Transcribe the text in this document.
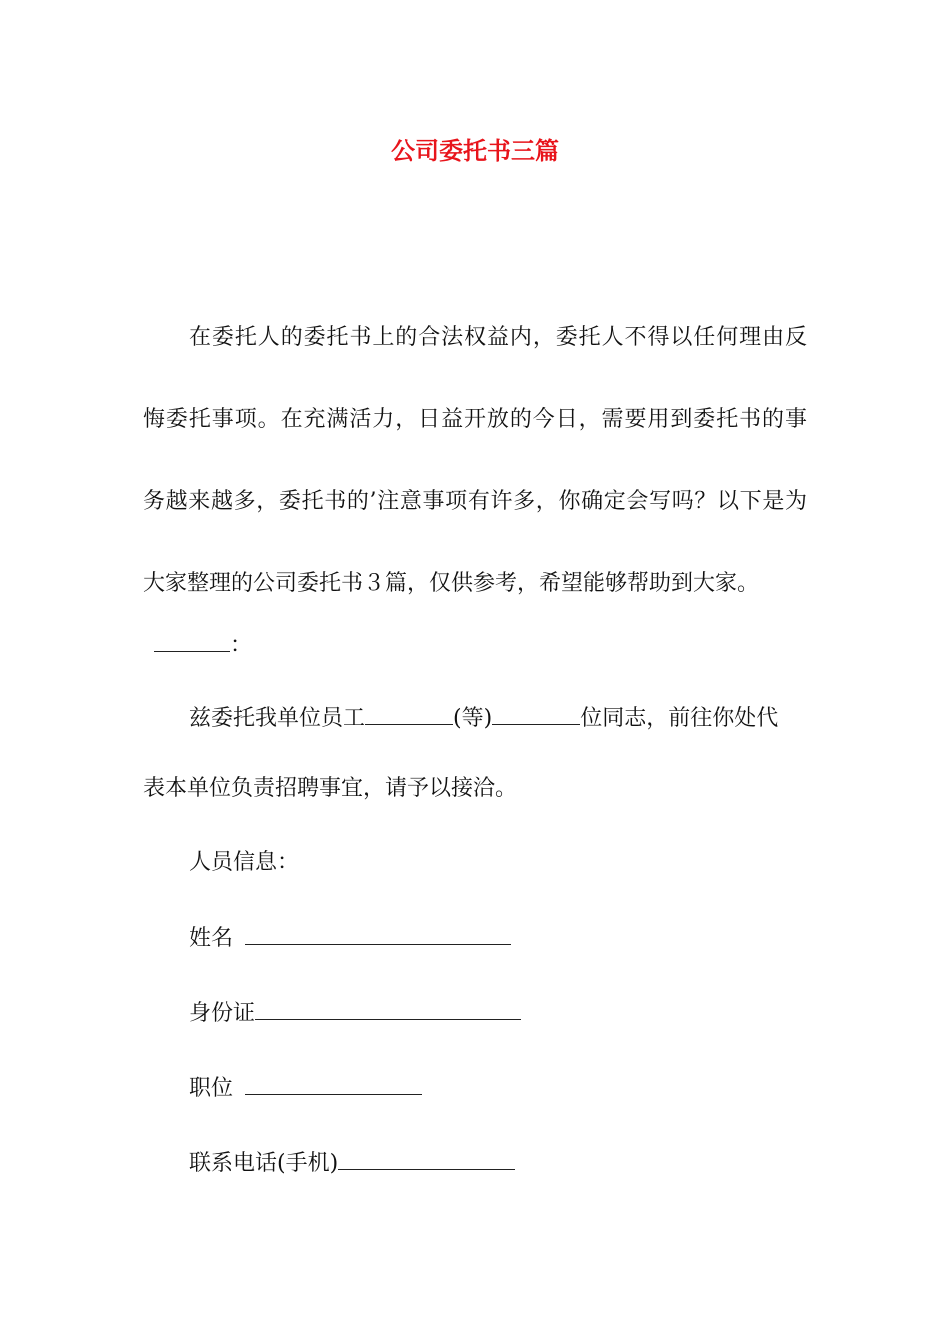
公司委托书三篇
在委托人的委托书上的合法权益内，委托人不得以任何理由反
悔委托事项。在充满活力，日益开放的今日，需要用到委托书的事
务越来越多，委托书的’注意事项有许多，你确定会写吗？以下是为
大家整理的公司委托书３篇，仅供参考，希望能够帮助到大家。
：
兹委托我单位员工	(等)	位同志，前往你处代
表本单位负责招聘事宜，请予以接洽。
人员信息：
姓名
身份证
职位
联系电话(手机)
